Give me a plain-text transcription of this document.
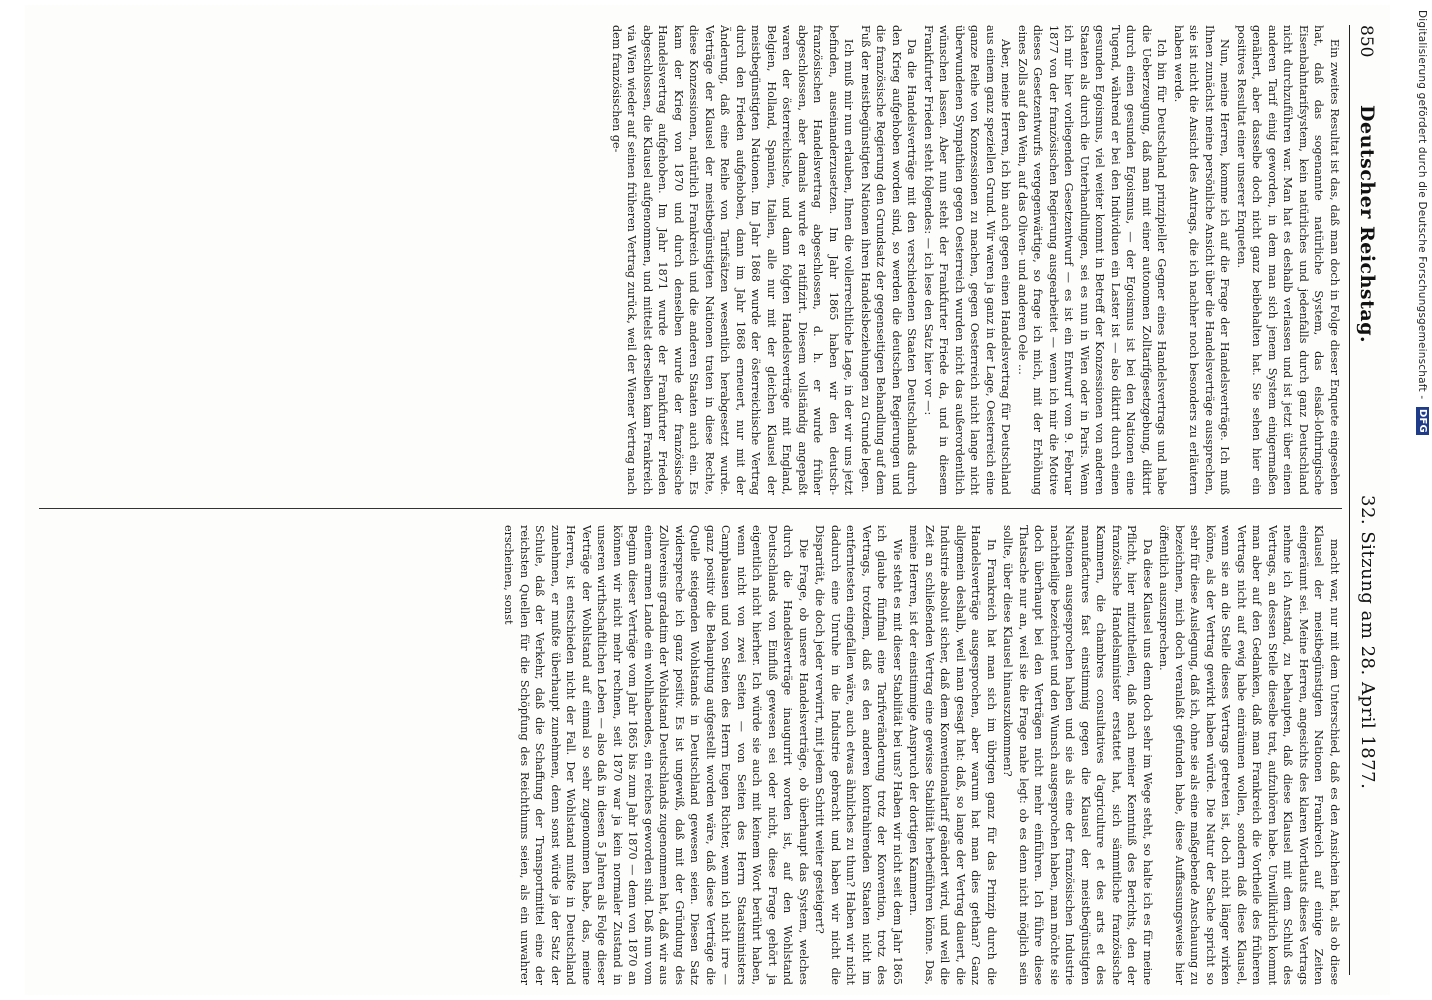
850
Deutscher Reichstag.
32. Sitzung am 28. April 1877.

Ein zweites Resultat ist das, daß man doch in Folge dieser Enquete eingesehen hat, daß das sogenannte natürliche System, das elsaß-lothringische Eisenbahntarifsystem, kein natürliches und jedenfalls durch ganz Deutschland nicht durchzuführen war. Man hat es deshalb verlassen und ist jetzt über einen anderen Tarif einig geworden, in dem man sich jenem System einigermaßen genähert, aber dasselbe doch nicht ganz beibehalten hat. Sie sehen hier ein positives Resultat einer unserer Enqueten.

Nun, meine Herren, komme ich auf die Frage der Handelsverträge. Ich muß Ihnen zunächst meine persönliche Ansicht über die Handelsverträge aussprechen, sie ist nicht die Ansicht des Antrags, die ich nachher noch besonders zu erläutern haben werde.

Ich bin für Deutschland prinzipieller Gegner eines Handelsvertrags und habe die Ueberzeugung, daß man mit einer autonomen Zolltarifgesetzgebung, diktirt durch einen gesunden Egoismus, — der Egoismus ist bei den Nationen eine Tugend, während er bei den Individuen ein Laster ist — also diktirt durch einen gesunden Egoismus, viel weiter kommt in Betreff der Konzessionen von anderen Staaten als durch die Unterhandlungen, sei es nun in Wien oder in Paris. Wenn ich mir hier vorliegenden Gesetzentwurf — es ist ein Entwurf vom 9. Februar 1877 von der französischen Regierung ausgearbeitet — wenn ich mir die Motive dieses Gesetzentwurfs vergegenwärtige, so frage ich mich, mit der Erhöhung eines Zolls auf den Wein, auf das Oliven- und anderen Oele ...

Aber, meine Herren, ich bin auch gegen einen Handelsvertrag für Deutschland aus einem ganz speziellen Grund. Wir waren ja ganz in der Lage, Oesterreich eine ganze Reihe von Konzessionen zu machen, gegen Oesterreich nicht lange nicht überwundenen Sympathien gegen Oesterreich wurden nicht das außerordentlich wünschen lassen. Aber nun steht der Frankfurter Friede da, und in diesem Frankfurter Frieden steht folgendes: — ich lese den Satz hier vor —:

Da die Handelsverträge mit den verschiedenen Staaten Deutschlands durch den Krieg aufgehoben worden sind, so werden die deutschen Regierungen und die französische Regierung den Grundsatz der gegenseitigen Behandlung auf dem Fuß der meistbegünstigten Nationen ihren Handelsbeziehungen zu Grunde legen.

Ich muß mir nun erlauben, Ihnen die vollerrechtliche Lage, in der wir uns jetzt befinden, auseinanderzusetzen. Im Jahr 1865 haben wir den deutsch-französischen Handelsvertrag abgeschlossen, d. h. er wurde früher abgeschlossen, aber damals wurde er ratifizirt. Diesem vollständig angepaßt waren der österreichische, und dann folgten Handelsverträge mit England, Belgien, Holland, Spanien, Italien, alle nur mit der gleichen Klausel der meistbegünstigten Nationen. Im Jahr 1868 wurde der österreichische Vertrag durch den Frieden aufgehoben, dann im Jahr 1868 erneuert, nur mit der Änderung, daß eine Reihe von Tarifsätzen wesentlich herabgesetzt wurde. Verträge der Klausel der meistbegünstigten Nationen traten in diese Rechte, diese Konzessionen, natürlich Frankreich und die anderen Staaten auch ein. Es kam der Krieg von 1870 und durch denselben wurde der französische Handelsvertrag aufgehoben. Im Jahr 1871 wurde der Frankfurter Frieden abgeschlossen, die Klausel aufgenommen, und mittelst derselben kam Frankreich via Wien wieder auf seinen früheren Vertrag zurück, weil der Wiener Vertrag nach dem französischen ge-

macht war, nur mit dem Unterschied, daß es den Ansichein hat, als ob diese Klausel der meistbegünstigten Nationen Frankreich auf einige Zeiten eingeräumt sei. Meine Herren, angesichts des klaren Wortlauts dieses Vertrags nehme ich Anstand, zu behaupten, daß diese Klausel mit dem Schluß des Vertrags, an dessen Stelle dieselbe trat, aufzuhören habe. Unwillkürlich kommt man aber auf den Gedanken, daß man Frankreich die Vortheile des früheren Vertrags nicht auf ewig habe einräumen wollen, sondern daß diese Klausel, wenn sie an die Stelle dieses Vertrags getreten ist, doch nicht länger wirken könne, als der Vertrag gewirkt haben würde. Die Natur der Sache spricht so sehr für diese Auslegung, daß ich, ohne sie als eine maßgebende Anschauung zu bezeichnen, mich doch veranlaßt gefunden habe, diese Auffassungsweise hier öffentlich auszusprechen.

Da diese Klausel uns denn doch sehr im Wege steht, so halte ich es für meine Pflicht, hier mitzutheilen, daß nach meiner Kenntniß des Berichts, den der französische Handelsminister erstattet hat, sich sämmtliche französische Kammern, die chambres consultatives d'agriculture et des arts et des manufactures fast einstimmig gegen die Klausel der meistbegünstigten Nationen ausgesprochen haben und sie als eine der französischen Industrie nachtheilige bezeichnet und den Wunsch ausgesprochen haben, man möchte sie doch überhaupt bei den Verträgen nicht mehr einführen. Ich führe diese Thatsache nur an, weil sie die Frage nahe legt: ob es denn nicht möglich sein sollte, über diese Klausel hinauszukommen?

In Frankreich hat man sich im übrigen ganz für das Prinzip durch die Handelsverträge ausgesprochen, aber warum hat man dies gethan? Ganz allgemein deshalb, weil man gesagt hat: daß, so lange der Vertrag dauert, die Industrie absolut sicher, daß dem Konventionaltarif geändert wird, und weil die Zeit an schließenden Vertrag eine gewisse Stabilität herbeiführen könne. Das, meine Herren, ist der einstimmige Anspruch der dortigen Kammern.

Wie steht es mit dieser Stabilität bei uns? Haben wir nicht seit dem Jahr 1865 ich glaube fünfmal eine Tarifveränderung trotz der Konvention, trotz des Vertrags, trotzdem, daß es den anderen kontrahirenden Staaten nicht im entferntesten eingefallen wäre, auch etwas ähnliches zu thun? Haben wir nicht dadurch eine Unruhe in die Industrie gebracht und haben wir nicht die Disparität, die doch jeder verwirrt, mit jedem Schritt weiter gesteigert?

Die Frage, ob unsere Handelsverträge, ob überhaupt das System, welches durch die Handelsverträge inaugurirt worden ist, auf den Wohlstand Deutschlands von Einfluß gewesen sei oder nicht, diese Frage gehört ja eigentlich nicht hierher. Ich würde sie auch mit keinem Wort berührt haben, wenn nicht von zwei Seiten — von Seiten des Herrn Staatsministers Camphausen und von Seiten des Herrn Eugen Richter, wenn ich nicht irre — ganz positiv die Behauptung aufgestellt worden wäre, daß diese Verträge die Quelle steigenden Wohlstands in Deutschland gewesen seien. Diesen Satz widerspreche ich ganz positiv. Es ist ungewiß, daß mit der Gründung des Zollvereins gradatim der Wohlstand Deutschlands zugenommen hat, daß wir aus einem armen Lande ein wohlhabendes, ein reiches geworden sind. Daß nun vom Beginn dieser Verträge vom Jahr 1865 bis zum Jahr 1870 — denn von 1870 an können wir nicht mehr rechnen, seit 1870 war ja kein normaler Zustand in unseren wirthschaftlichen Leben — also daß in diesen 5 Jahren als Folge dieser Verträge der Wohlstand auf einmal so sehr zugenommen habe, das, meine Herren, ist entschieden nicht der Fall. Der Wohlstand mußte in Deutschland zunehmen, er mußte überhaupt zunehmen, denn sonst würde ja der Satz der Schule, daß der Verkehr, daß die Schaffung der Transportmittel eine der reichsten Quellen für die Schöpfung des Reichthums seien, als ein unwahrer erscheinen, sonst

Digitalisierung gefördert durch die Deutsche Forschungsgemeinschaft - DFG
